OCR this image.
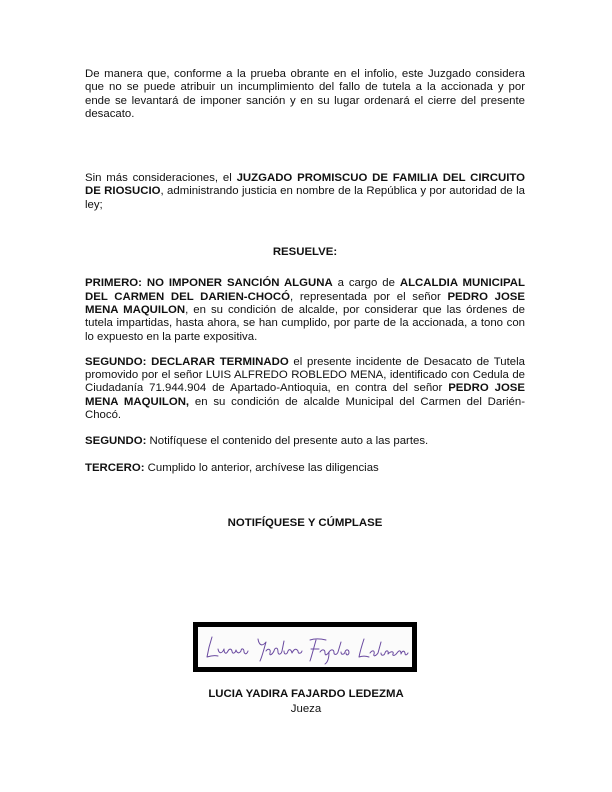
De manera que, conforme a la prueba obrante en el infolio, este Juzgado considera que no se puede atribuir un incumplimiento del fallo de tutela a la accionada y por ende se levantará de imponer sanción y en su lugar ordenará el cierre del presente desacato.

Sin más consideraciones, el JUZGADO PROMISCUO DE FAMILIA DEL CIRCUITO DE RIOSUCIO, administrando justicia en nombre de la República y por autoridad de la ley;

RESUELVE:

PRIMERO: NO IMPONER SANCIÓN ALGUNA a cargo de ALCALDIA MUNICIPAL DEL CARMEN DEL DARIEN-CHOCÓ, representada por el señor PEDRO JOSE MENA MAQUILON, en su condición de alcalde, por considerar que las órdenes de tutela impartidas, hasta ahora, se han cumplido, por parte de la accionada, a tono con lo expuesto en la parte expositiva.

SEGUNDO: DECLARAR TERMINADO el presente incidente de Desacato de Tutela promovido por el señor LUIS ALFREDO ROBLEDO MENA, identificado con Cedula de Ciudadanía 71.944.904 de Apartado-Antioquia, en contra del señor PEDRO JOSE MENA MAQUILON, en su condición de alcalde Municipal del Carmen del Darién-Chocó.

SEGUNDO: Notifíquese el contenido del presente auto a las partes.

TERCERO: Cumplido lo anterior, archívese las diligencias

NOTIFÍQUESE Y CÚMPLASE

LUCIA YADIRA FAJARDO LEDEZMA
Jueza
